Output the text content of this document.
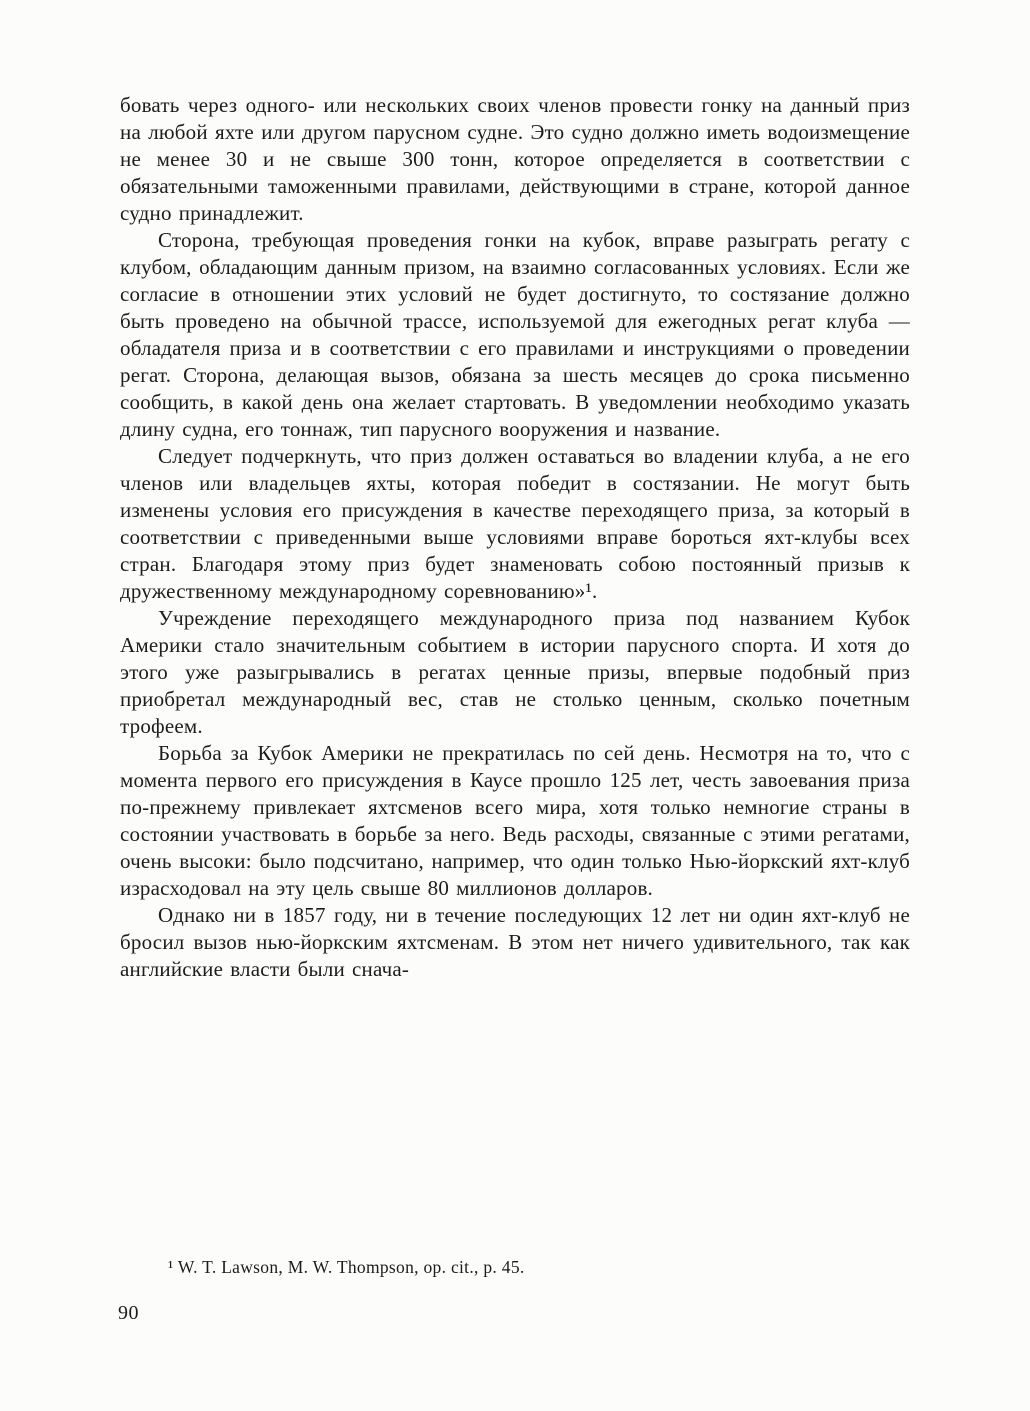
бовать через одного- или нескольких своих членов провести гонку на данный приз на любой яхте или другом парусном судне. Это судно должно иметь водоизмещение не менее 30 и не свыше 300 тонн, которое определяется в соответствии с обязательными таможенными правилами, действующими в стране, которой данное судно принадлежит.

Сторона, требующая проведения гонки на кубок, вправе разыграть регату с клубом, обладающим данным призом, на взаимно согласованных условиях. Если же согласие в отношении этих условий не будет достигнуто, то состязание должно быть проведено на обычной трассе, используемой для ежегодных регат клуба — обладателя приза и в соответствии с его правилами и инструкциями о проведении регат. Сторона, делающая вызов, обязана за шесть месяцев до срока письменно сообщить, в какой день она желает стартовать. В уведомлении необходимо указать длину судна, его тоннаж, тип парусного вооружения и название.

Следует подчеркнуть, что приз должен оставаться во владении клуба, а не его членов или владельцев яхты, которая победит в состязании. Не могут быть изменены условия его присуждения в качестве переходящего приза, за который в соответствии с приведенными выше условиями вправе бороться яхт-клубы всех стран. Благодаря этому приз будет знаменовать собою постоянный призыв к дружественному международному соревнованию»¹.

Учреждение переходящего международного приза под названием Кубок Америки стало значительным событием в истории парусного спорта. И хотя до этого уже разыгрывались в регатах ценные призы, впервые подобный приз приобретал международный вес, став не столько ценным, сколько почетным трофеем.

Борьба за Кубок Америки не прекратилась по сей день. Несмотря на то, что с момента первого его присуждения в Каусе прошло 125 лет, честь завоевания приза по-прежнему привлекает яхтсменов всего мира, хотя только немногие страны в состоянии участвовать в борьбе за него. Ведь расходы, связанные с этими регатами, очень высоки: было подсчитано, например, что один только Нью-йоркский яхт-клуб израсходовал на эту цель свыше 80 миллионов долларов.

Однако ни в 1857 году, ни в течение последующих 12 лет ни один яхт-клуб не бросил вызов нью-йоркским яхтсменам. В этом нет ничего удивительного, так как английские власти были снача-

¹ W. T. Lawson, M. W. Thompson, op. cit., p. 45.
90
